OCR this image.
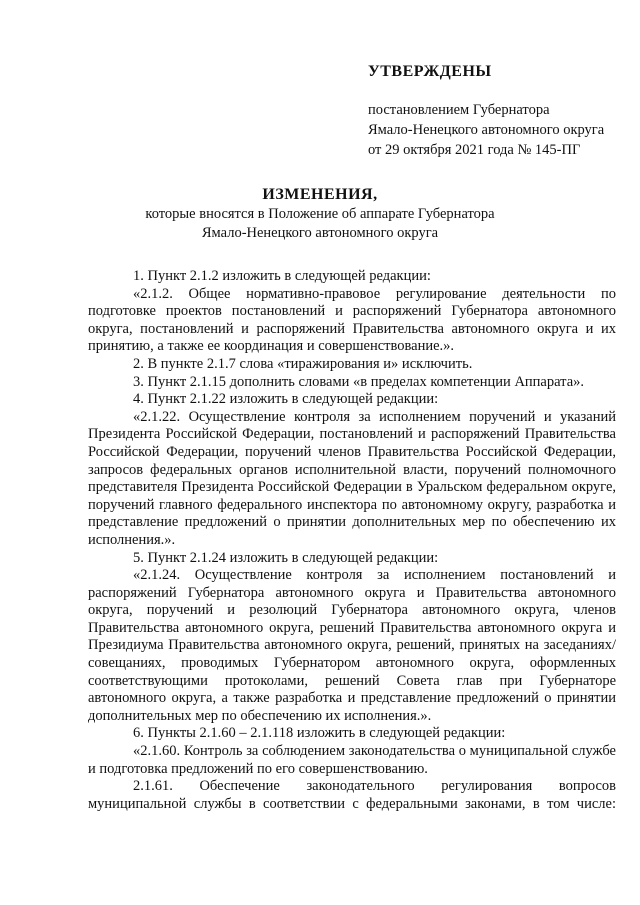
УТВЕРЖДЕНЫ
постановлением Губернатора
Ямало-Ненецкого автономного округа
от 29 октября 2021 года № 145-ПГ
ИЗМЕНЕНИЯ,
которые вносятся в Положение об аппарате Губернатора
Ямало-Ненецкого автономного округа

1. Пункт 2.1.2 изложить в следующей редакции:

«2.1.2. Общее нормативно-правовое регулирование деятельности по подготовке проектов постановлений и распоряжений Губернатора автономного округа, постановлений и распоряжений Правительства автономного округа и их принятию, а также ее координация и совершенствование.».

2. В пункте 2.1.7 слова «тиражирования и» исключить.

3. Пункт 2.1.15 дополнить словами «в пределах компетенции Аппарата».

4. Пункт 2.1.22 изложить в следующей редакции:

«2.1.22. Осуществление контроля за исполнением поручений и указаний Президента Российской Федерации, постановлений и распоряжений Правительства Российской Федерации, поручений членов Правительства Российской Федерации, запросов федеральных органов исполнительной власти, поручений полномочного представителя Президента Российской Федерации в Уральском федеральном округе, поручений главного федерального инспектора по автономному округу, разработка и представление предложений о принятии дополнительных мер по обеспечению их исполнения.».

5. Пункт 2.1.24 изложить в следующей редакции:

«2.1.24. Осуществление контроля за исполнением постановлений и распоряжений Губернатора автономного округа и Правительства автономного округа, поручений и резолюций Губернатора автономного округа, членов Правительства автономного округа, решений Правительства автономного округа и Президиума Правительства автономного округа, решений, принятых на заседаниях/совещаниях, проводимых Губернатором автономного округа, оформленных соответствующими протоколами, решений Совета глав при Губернаторе автономного округа, а также разработка и представление предложений о принятии дополнительных мер по обеспечению их исполнения.».

6. Пункты 2.1.60 – 2.1.118 изложить в следующей редакции:

«2.1.60. Контроль за соблюдением законодательства о муниципальной службе и подготовка предложений по его совершенствованию.

2.1.61. Обеспечение законодательного регулирования вопросов муниципальной службы в соответствии с федеральными законами, в том числе:
